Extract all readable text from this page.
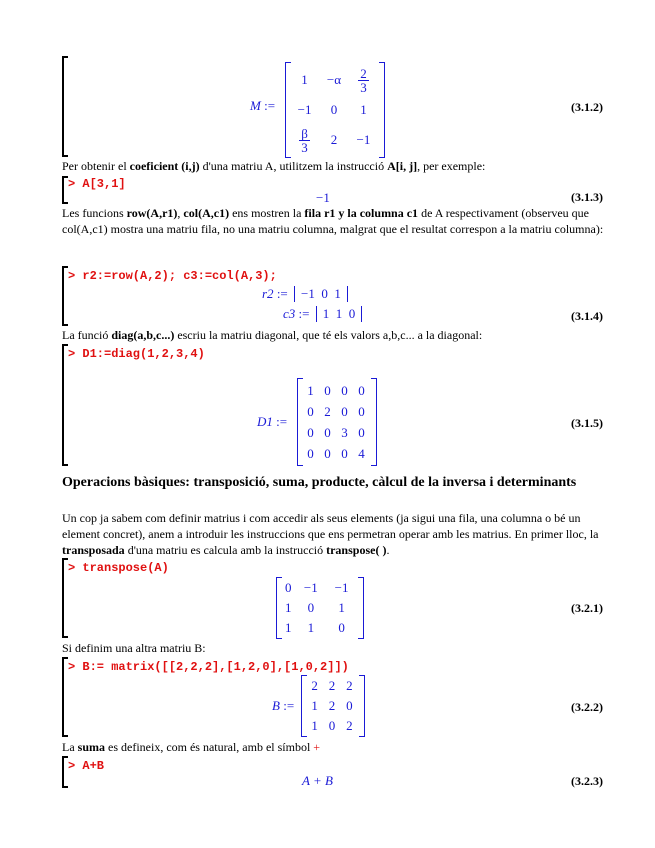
M :=
1	−α	$\frac{2}{3}$

−1	0	1

$\frac{\beta}{3}$	2	−1
(3.1.2)
Per obtenir el coeficient (i,j) d'una matriu A, utilitzem la instrucció A[i, j], per exemple:
> A[3,1]
−1	(3.1.3)
Les funcions row(A,r1), col(A,c1) ens mostren la fila r1 y la columna c1 de A respectivament (observeu que col(A,c1) mostra una matriu fila, no una matriu columna, malgrat que el resultat correspon a la matriu columna):
> r2:=row(A,2); c3:=col(A,3);
r2 := −1 0 1
c3 := 1 1 0	(3.1.4)
La funció diag(a,b,c...) escriu la matriu diagonal, que té els valors a,b,c... a la diagonal:
> D1:=diag(1,2,3,4)
D1 :=
1	0	0	0
0	2	0	0
0	0	3	0
0	0	0	4
(3.1.5)
Operacions bàsiques: transposició, suma, producte, càlcul de la inversa i determinants
Un cop ja sabem com definir matrius i com accedir als seus elements (ja sigui una fila, una columna o bé un element concret), anem a introduir les instruccions que ens permetran operar amb les matrius. En primer lloc, la transposada d'una matriu es calcula amb la instrucció transpose( ).
> transpose(A)
0	−1	−1
1	0	1
1	1	0
(3.2.1)
Si definim una altra matriu B:
> B:= matrix([[2,2,2],[1,2,0],[1,0,2]])
B :=
2	2	2
1	2	0
1	0	2
(3.2.2)
La suma es defineix, com és natural, amb el símbol +
> A+B
A + B	(3.2.3)
